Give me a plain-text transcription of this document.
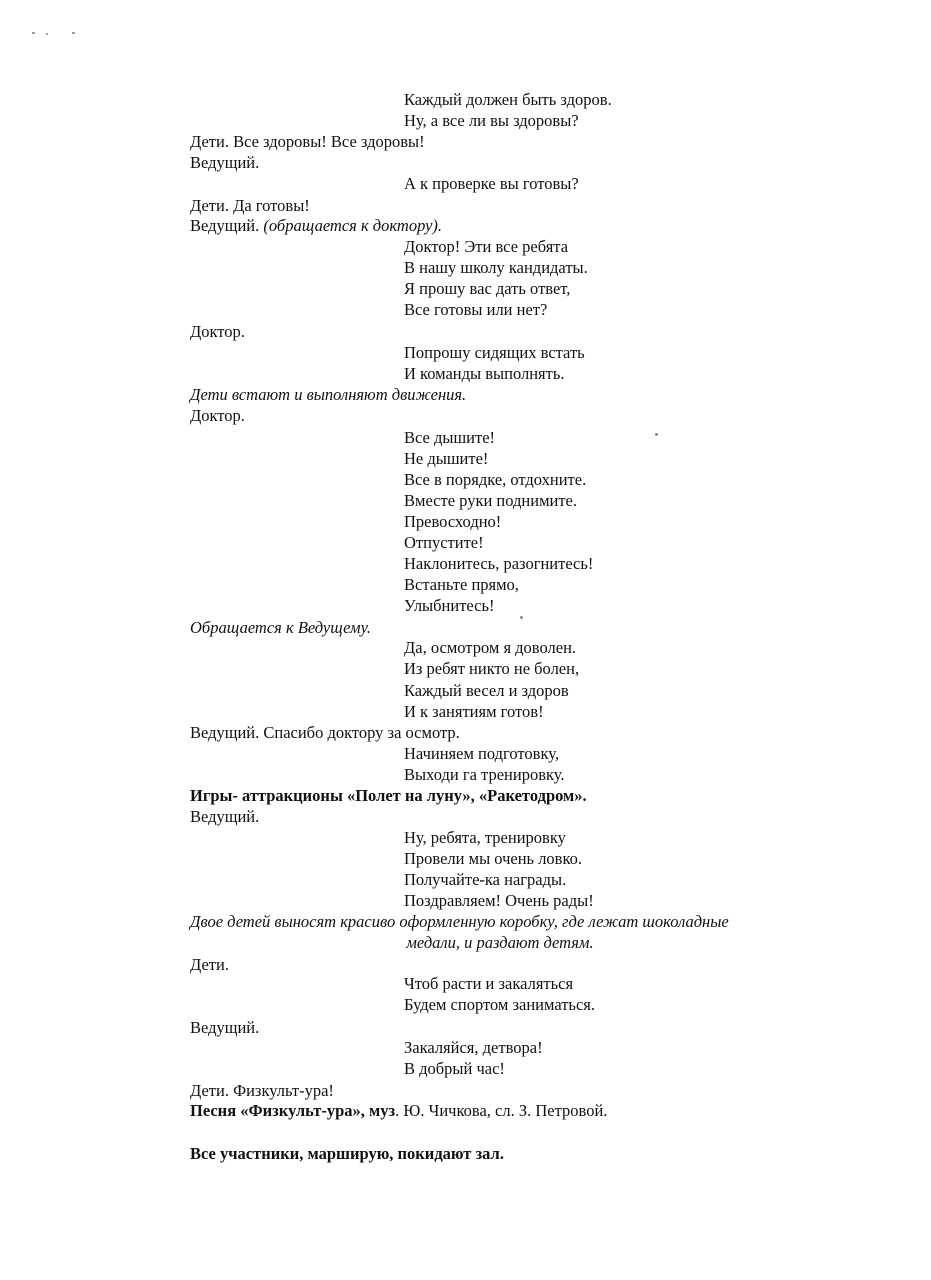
Каждый должен быть здоров.
Ну, а все ли вы здоровы?
Дети. Все здоровы! Все здоровы!
Ведущий.
А к проверке вы готовы?
Дети. Да готовы!
Ведущий. (обращается к доктору).
Доктор! Эти все ребята
В нашу школу кандидаты.
Я прошу вас дать ответ,
Все готовы или нет?
Доктор.
Попрошу сидящих встать
И команды выполнять.
Дети встают и выполняют движения.
Доктор.
Все дышите!
Не дышите!
Все в порядке, отдохните.
Вместе руки поднимите.
Превосходно!
Отпустите!
Наклонитесь, разогнитесь!
Встаньте прямо,
Улыбнитесь!
Обращается к Ведущему.
Да, осмотром я доволен.
Из ребят никто не болен,
Каждый весел и здоров
И к занятиям готов!
Ведущий. Спасибо доктору за осмотр.
Начиняем подготовку,
Выходи га тренировку.
Игры- аттракционы «Полет на луну», «Ракетодром».
Ведущий.
Ну, ребята, тренировку
Провели мы очень ловко.
Получайте-ка награды.
Поздравляем! Очень рады!
Двое детей выносят красиво оформленную коробку, где лежат шоколадные
медали, и раздают детям.
Дети.
Чтоб расти и закаляться
Будем спортом заниматься.
Ведущий.
Закаляйся, детвора!
В добрый час!
Дети. Физкульт-ура!
Песня «Физкульт-ура», муз. Ю. Чичкова, сл. З. Петровой.
Все участники, марширую, покидают зал.
